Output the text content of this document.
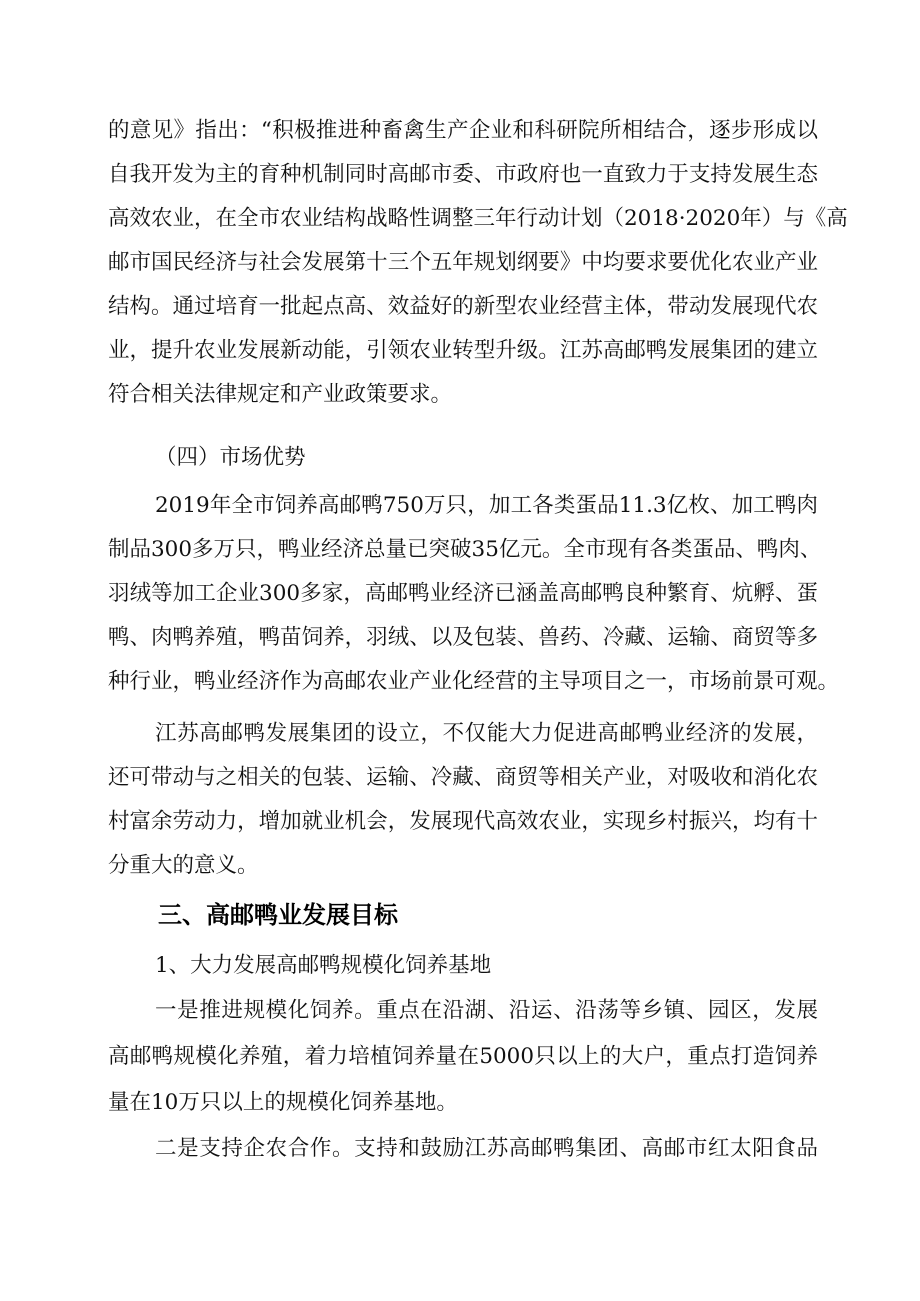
的意见》指出：“积极推进种畜禽生产企业和科研院所相结合，逐步形成以
自我开发为主的育种机制同时高邮市委、市政府也一直致力于支持发展生态
高效农业，在全市农业结构战略性调整三年行动计划（2018·2020年）与《高
邮市国民经济与社会发展第十三个五年规划纲要》中均要求要优化农业产业
结构。通过培育一批起点高、效益好的新型农业经营主体，带动发展现代农
业，提升农业发展新动能，引领农业转型升级。江苏高邮鸭发展集团的建立
符合相关法律规定和产业政策要求。
（四）市场优势
2019年全市饲养高邮鸭750万只，加工各类蛋品11.3亿枚、加工鸭肉
制品300多万只，鸭业经济总量已突破35亿元。全市现有各类蛋品、鸭肉、
羽绒等加工企业300多家，高邮鸭业经济已涵盖高邮鸭良种繁育、炕孵、蛋
鸭、肉鸭养殖，鸭苗饲养，羽绒、以及包装、兽药、冷藏、运输、商贸等多
种行业，鸭业经济作为高邮农业产业化经营的主导项目之一，市场前景可观。
江苏高邮鸭发展集团的设立，不仅能大力促进高邮鸭业经济的发展，
还可带动与之相关的包装、运输、冷藏、商贸等相关产业，对吸收和消化农
村富余劳动力，增加就业机会，发展现代高效农业，实现乡村振兴，均有十
分重大的意义。
三、高邮鸭业发展目标
1、大力发展高邮鸭规模化饲养基地
一是推进规模化饲养。重点在沿湖、沿运、沿荡等乡镇、园区，发展
高邮鸭规模化养殖，着力培植饲养量在5000只以上的大户，重点打造饲养
量在10万只以上的规模化饲养基地。
二是支持企农合作。支持和鼓励江苏高邮鸭集团、高邮市红太阳食品
